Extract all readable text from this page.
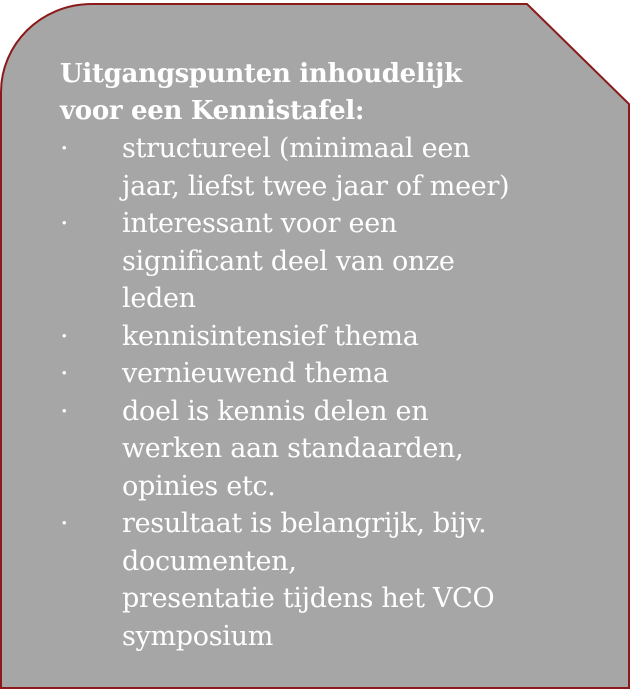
Uitgangspunten inhoudelijk
voor een Kennistafel:

·	structureel (minimaal een
jaar, liefst twee jaar of meer)
·	interessant voor een
significant deel van onze
leden
·	kennisintensief thema
·	vernieuwend thema
·	doel is kennis delen en
werken aan standaarden,
opinies etc.
·	resultaat is belangrijk, bijv.
documenten,
presentatie tijdens het VCO
symposium
